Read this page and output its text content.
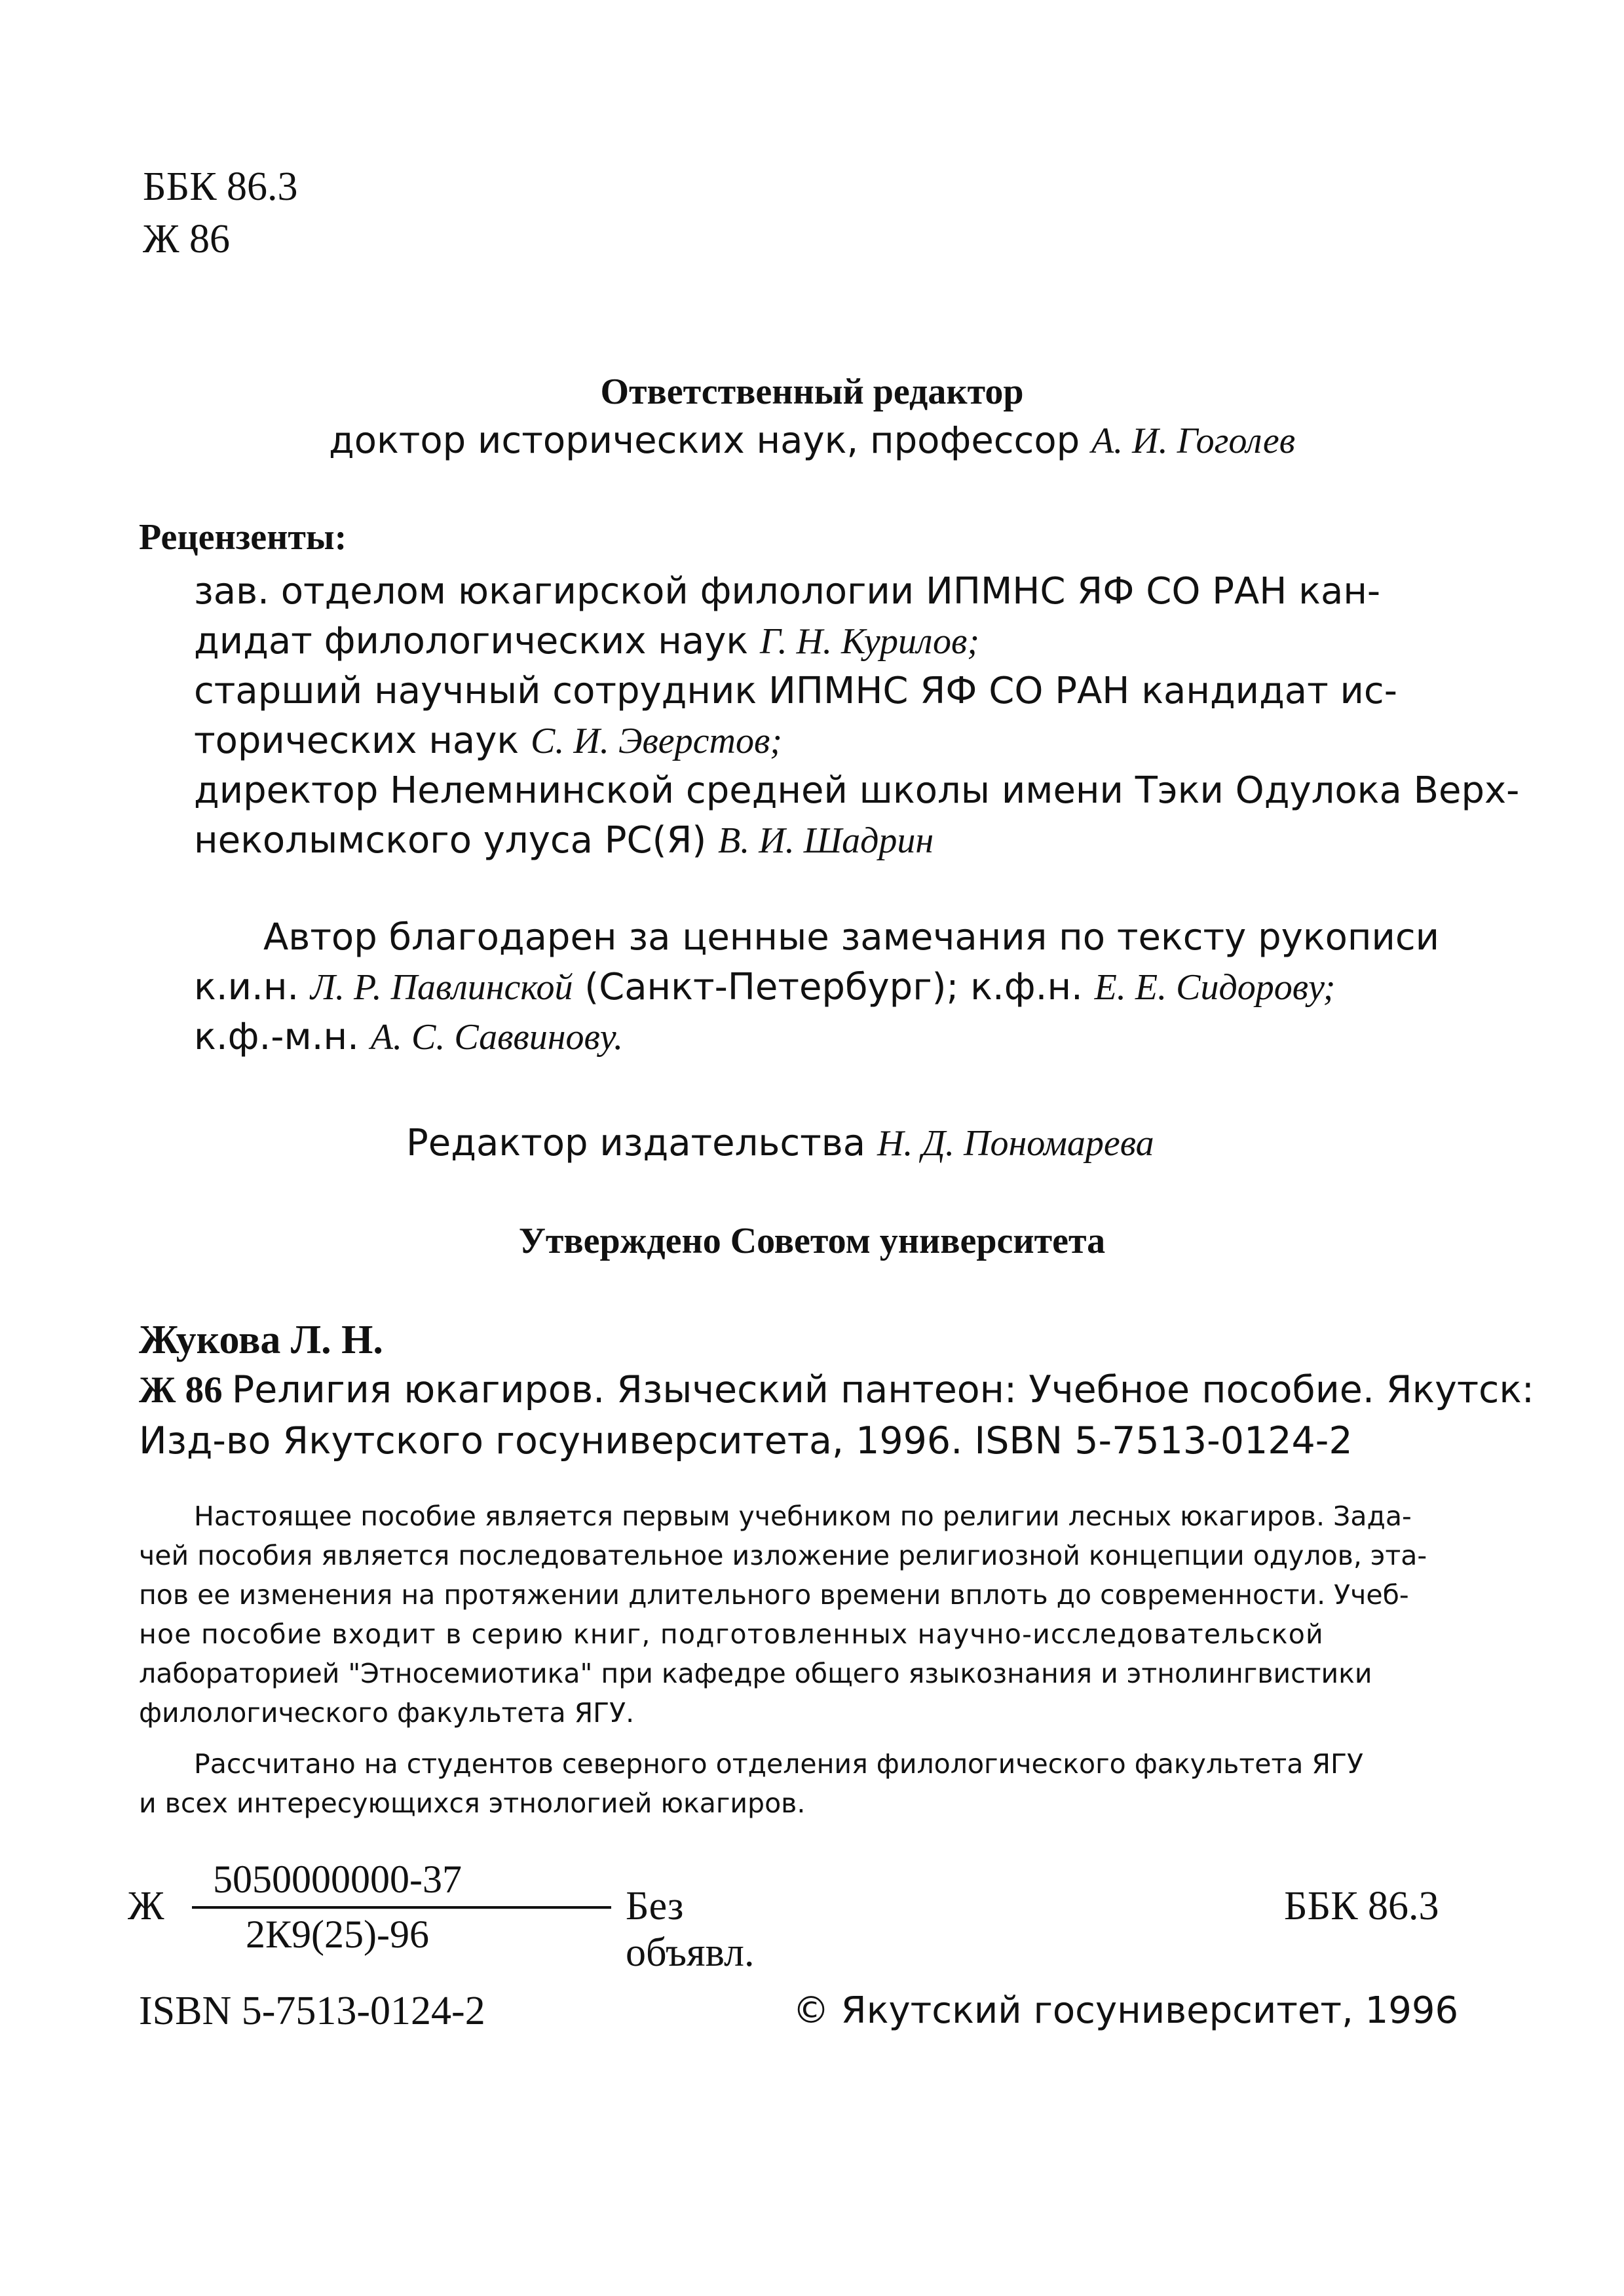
ББК 86.3
Ж 86
Ответственный редактор
доктор исторических наук, профессор А. И. Гоголев
Рецензенты:
зав. отделом юкагирской филологии ИПМНС ЯФ СО РАН кан-
дидат филологических наук Г. Н. Курилов;
старший научный сотрудник ИПМНС ЯФ СО РАН кандидат ис-
торических наук С. И. Эверстов;
директор Нелемнинской средней школы имени Тэки Одулока Верх-
неколымского улуса РС(Я) В. И. Шадрин
Автор благодарен за ценные замечания по тексту рукописи
к.и.н. Л. Р. Павлинской (Санкт-Петербург); к.ф.н. Е. Е. Сидорову;
к.ф.-м.н. А. С. Саввинову.
Редактор издательства Н. Д. Пономарева
Утверждено Советом университета
Жукова Л. Н.
Ж 86 Религия юкагиров. Языческий пантеон: Учебное пособие. Якутск:
Изд-во Якутского госуниверситета, 1996. ISBN 5-7513-0124-2
Настоящее пособие является первым учебником по религии лесных юкагиров. Зада-
чей пособия является последовательное изложение религиозной концепции одулов, эта-
пов ее изменения на протяжении длительного времени вплоть до современности. Учеб-
ное пособие входит в серию книг, подготовленных научно-исследовательской
лабораторией "Этносемиотика" при кафедре общего языкознания и этнолингвистики
филологического факультета ЯГУ.
Рассчитано на студентов северного отделения филологического факультета ЯГУ
и всех интересующихся этнологией юкагиров.
Ж
5050000000-37
2К9(25)-96
Без объявл.
ББК 86.3
ISBN 5-7513-0124-2	© Якутский госуниверситет, 1996
